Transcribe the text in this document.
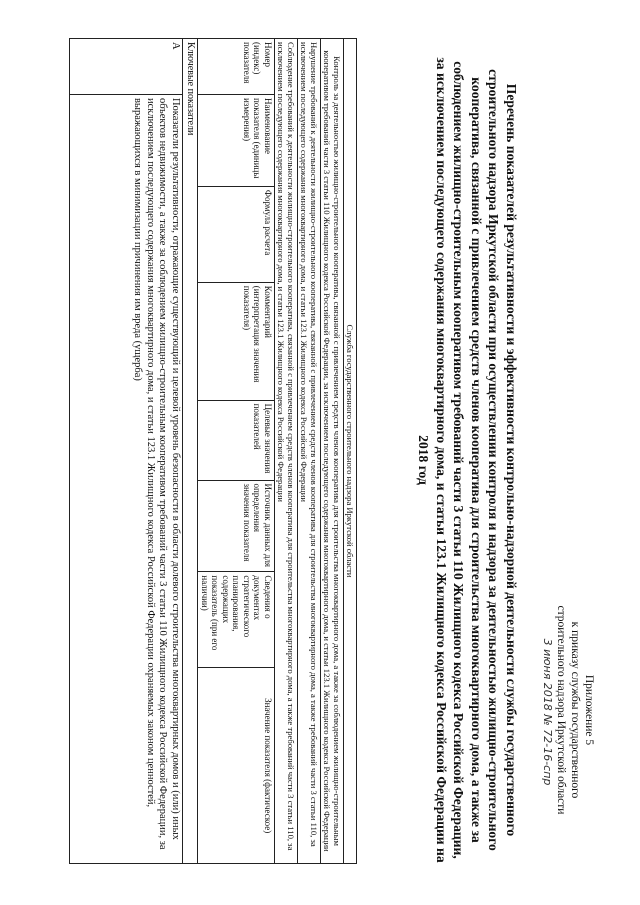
Приложение 5
к приказу службы государственного
строительного надзора Иркутской области
3 июня 2018 № 72-16-спр
Перечень показателей результативности и эффективности контрольно-надзорной деятельности службы государственного строительного надзора Иркутской области при осуществлении контроля и надзора за деятельностью жилищно-строительного кооператива, связанной с привлечением средств членов кооператива для строительства многоквартирного дома, а также за соблюдением жилищно-строительным кооперативом требований части 3 статьи 110 Жилищного кодекса Российской Федерации, за исключением последующего содержания многоквартирного дома, и статьи 123.1 Жилищного кодекса Российской Федерации на 2018 год
Служба государственного строительного надзора Иркутской области							
Контроль за деятельностью жилищно-строительного кооператива, связанной с привлечением средств членов кооператива для строительства многоквартирного дома, а также за соблюдением жилищно-строительным кооперативом требований части 3 статьи 110 Жилищного кодекса Российской Федерации, за исключением последующего содержания многоквартирного дома, и статьи 123.1 Жилищного кодекса Российской Федерации							
Нарушение требований к деятельности жилищно-строительного кооператива, связанной с привлечением средств членов кооператива для строительства многоквартирного дома, а также требований части 3 статьи 110, за исключением последующего содержания многоквартирного дома, и статьи 123.1 Жилищного кодекса Российской Федерации							
Соблюдение требований к деятельности жилищно-строительного кооператива, связанной с привлечением средств членов кооператива для строительства многоквартирного дома, а также требований части 3 статьи 110, за исключением последующего содержания многоквартирного дома, и статьи 123.1 Жилищного кодекса Российской Федерации							
Номер (индекс) показателя	Наименование показателя (единицы измерения)	Формула расчета	Комментарий (интерпретация значения показателя)	Целевые значения показателей	Источник данных для определения значения показателя	Сведения о документах стратегического планирования, содержащих показатель (при его наличии)	Значение показателя (фактическое)
Ключевые показатели							
А	Показатели результативности, отражающие существующий и целевой уровень безопасности в области долевого строительства многоквартирных домов и (или) иных объектов недвижимости, а также за соблюдением жилищно-строительным кооперативом требований части 3 статьи 110 Жилищного кодекса Российской Федерации, за исключением последующего содержания многоквартирного дома, и статьи 123.1 Жилищного кодекса Российской Федерации охраняемых законом ценностей, выражающихся в минимизации причинения им вреда (ущерба)						
